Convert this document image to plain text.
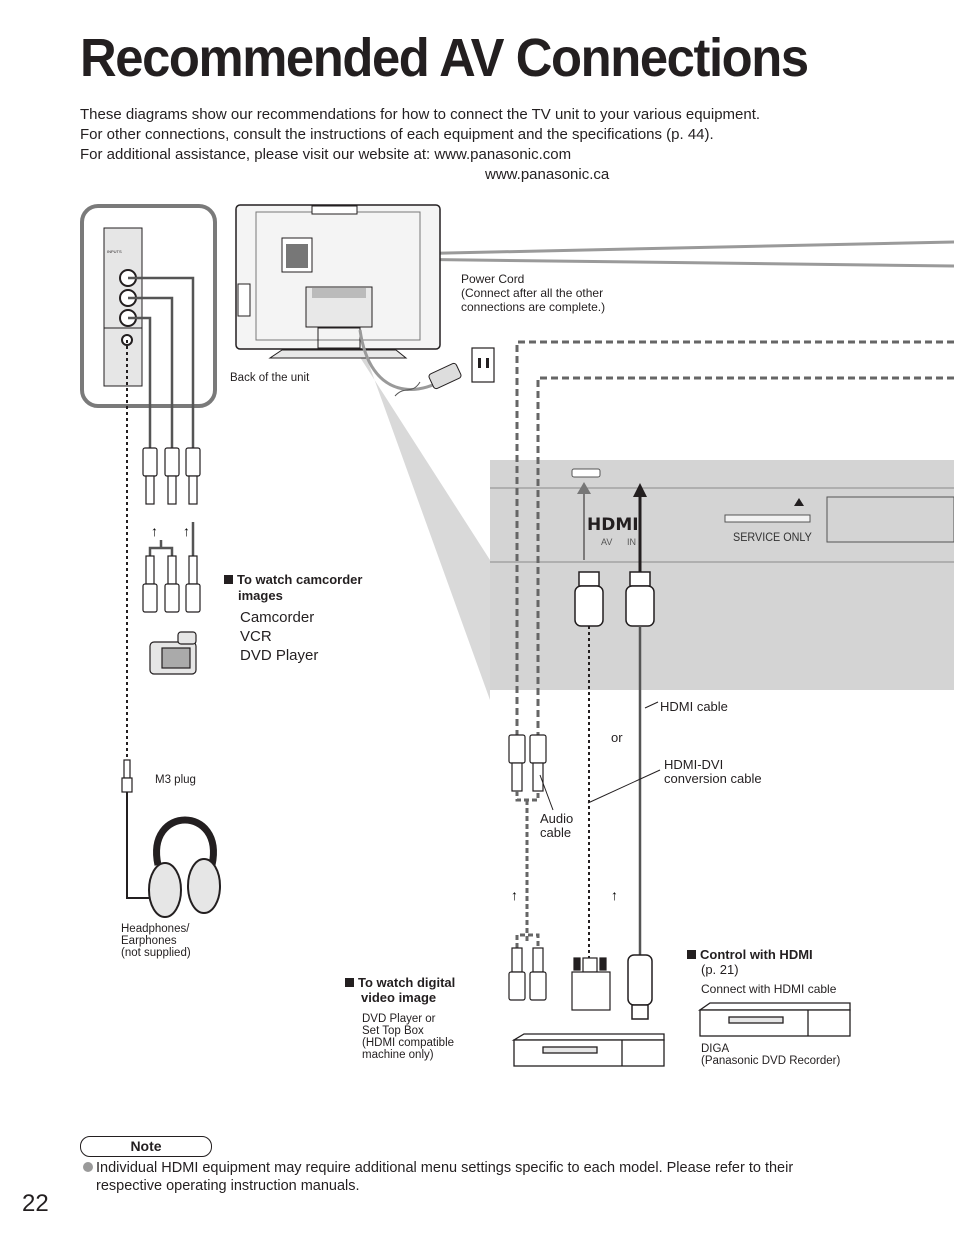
Recommended AV Connections
These diagrams show our recommendations for how to connect the TV unit to your various equipment.
For other connections, consult the instructions of each equipment and the specifications (p. 44).
For additional assistance, please visit our website at: www.panasonic.com
www.panasonic.ca
HDMI
INPUTS
↑ ↑
↑	↑
Power Cord
(Connect after all the other
connections are complete.)
Back of the unit
AV IN	SERVICE ONLY
To watch camcorder
images
Camcorder
VCR
DVD Player
HDMI cable
or
HDMI-DVI
conversion cable
Audio
cable
M3 plug
Headphones/
Earphones
(not supplied)
To watch digital
video image
DVD Player or
Set Top Box
(HDMI compatible
machine only)
Control with HDMI
(p. 21)
Connect with HDMI cable
DIGA
(Panasonic DVD Recorder)
Note
Individual HDMI equipment may require additional menu settings specific to each model. Please refer to their
respective operating instruction manuals.
22
